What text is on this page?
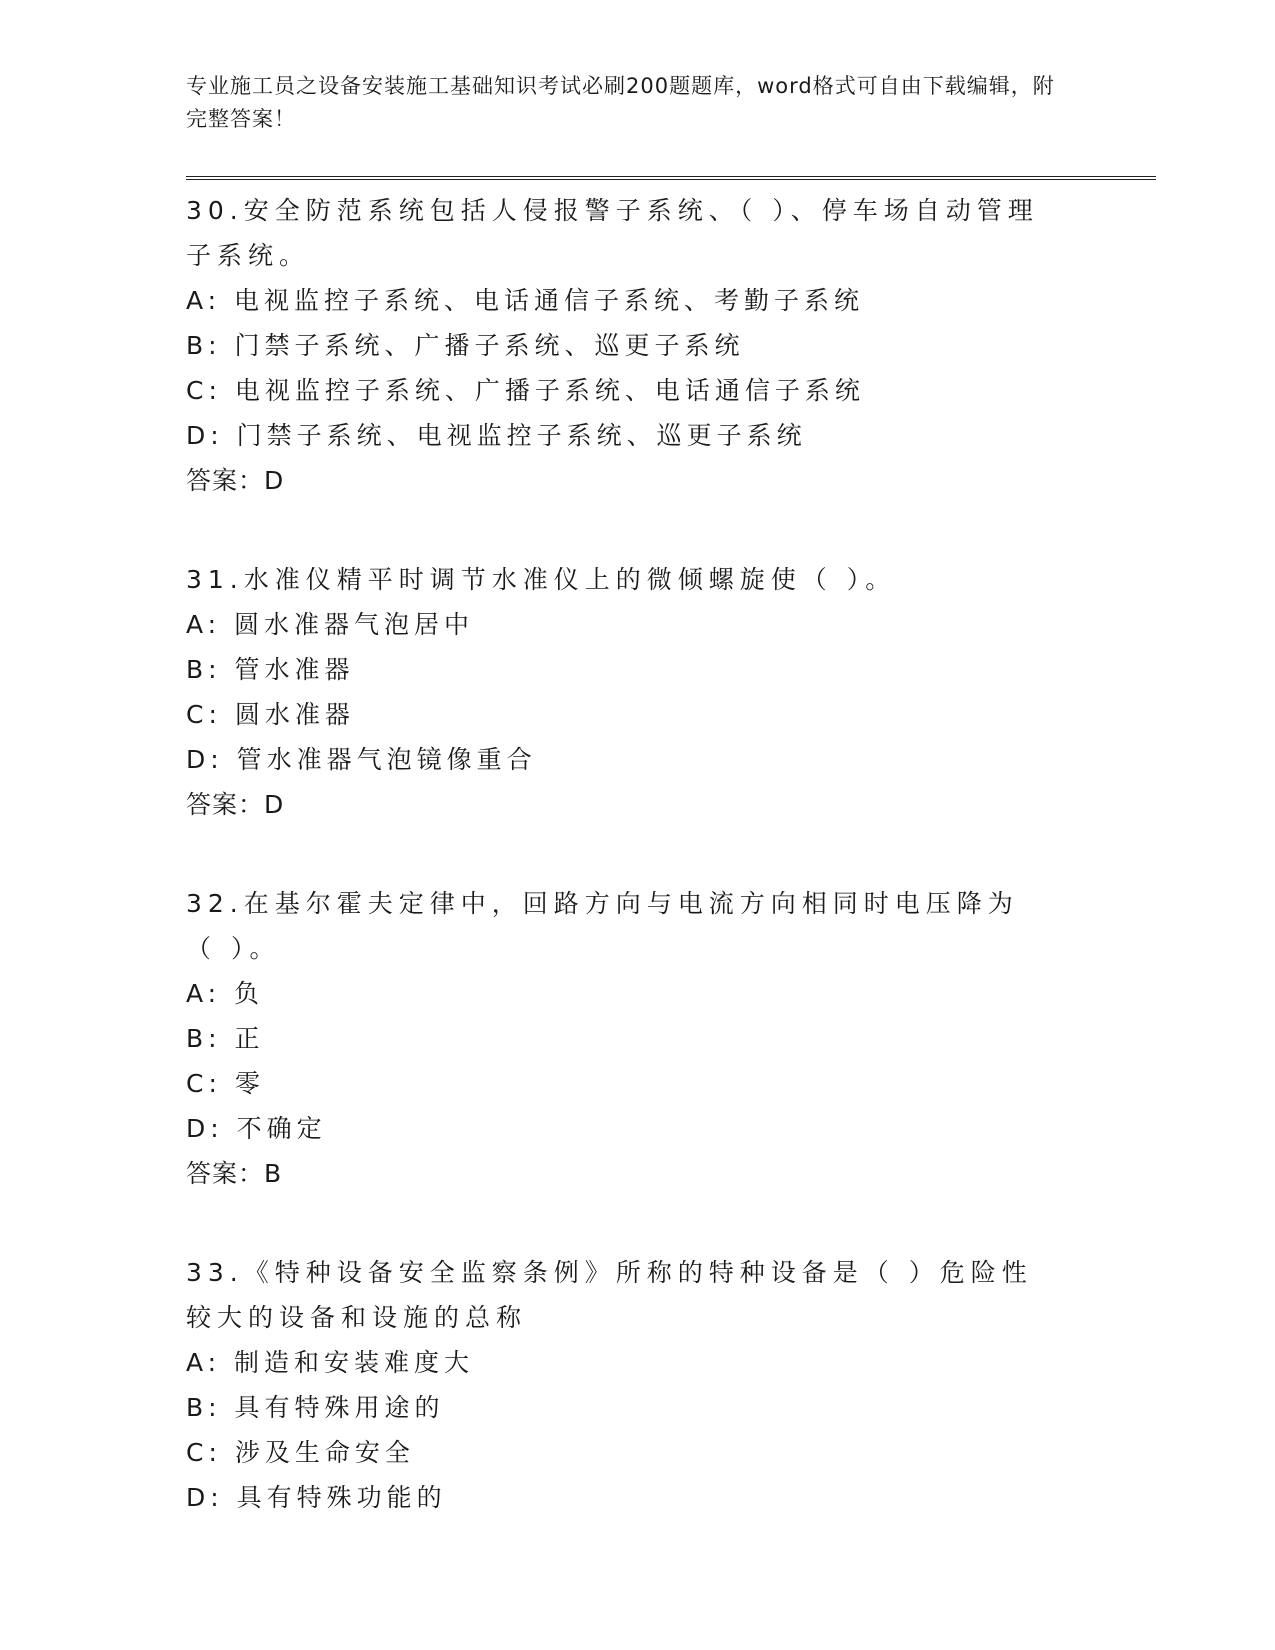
专业施工员之设备安装施工基础知识考试必刷200题题库，word格式可自由下载编辑，附完整答案！
30.安全防范系统包括人侵报警子系统、（ ）、停车场自动管理子系统。
A: 电视监控子系统、电话通信子系统、考勤子系统
B: 门禁子系统、广播子系统、巡更子系统
C: 电视监控子系统、广播子系统、电话通信子系统
D: 门禁子系统、电视监控子系统、巡更子系统
答案：D
31.水准仪精平时调节水准仪上的微倾螺旋使（ ）。
A: 圆水准器气泡居中
B: 管水准器
C: 圆水准器
D: 管水准器气泡镜像重合
答案：D
32.在基尔霍夫定律中，回路方向与电流方向相同时电压降为（ ）。
A: 负
B: 正
C: 零
D: 不确定
答案：B
33.《特种设备安全监察条例》所称的特种设备是（ ）危险性较大的设备和设施的总称
A: 制造和安装难度大
B: 具有特殊用途的
C: 涉及生命安全
D: 具有特殊功能的
